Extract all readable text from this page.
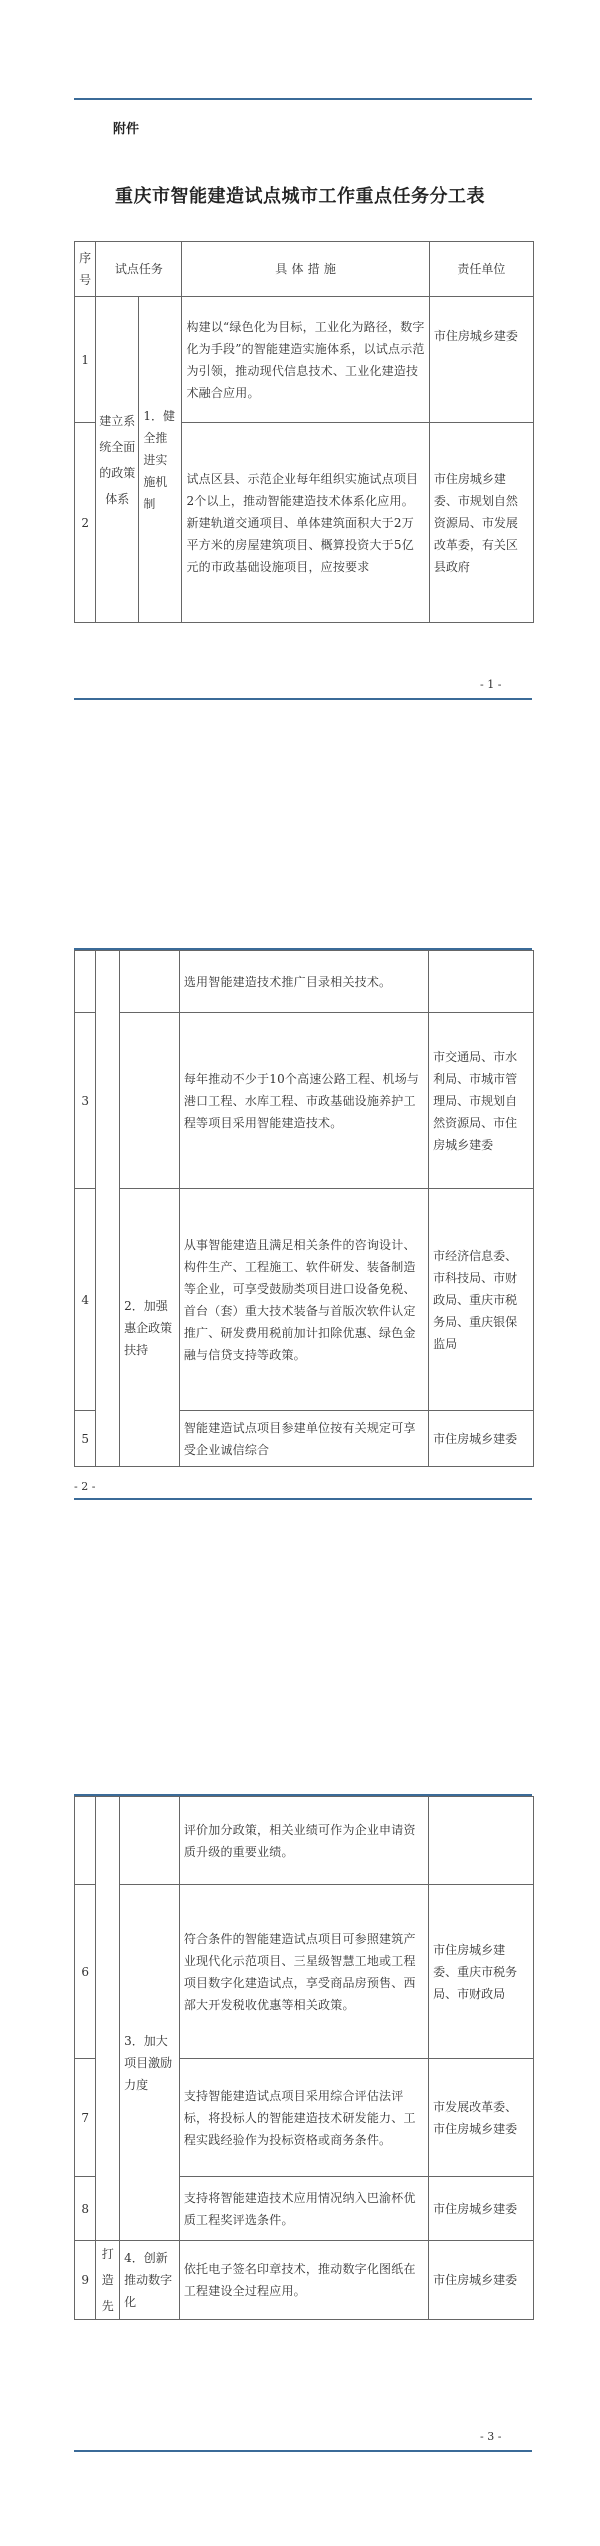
附件
重庆市智能建造试点城市工作重点任务分工表
序号	试点任务		具 体 措 施	责任单位
1	建立系统全面的政策体系	1．健全推进实施机制	构建以“绿色化为目标，工业化为路径，数字化为手段”的智能建造实施体系，以试点示范为引领，推动现代信息技术、工业化建造技术融合应用。	市住房城乡建委
2			试点区县、示范企业每年组织实施试点项目2个以上，推动智能建造技术体系化应用。新建轨道交通项目、单体建筑面积大于2万平方米的房屋建筑项目、概算投资大于5亿元的市政基础设施项目，应按要求	市住房城乡建委、市规划自然资源局、市发展改革委，有关区县政府
- 1 -
			选用智能建造技术推广目录相关技术。	
3			每年推动不少于10个高速公路工程、机场与港口工程、水库工程、市政基础设施养护工程等项目采用智能建造技术。	市交通局、市水利局、市城市管理局、市规划自然资源局、市住房城乡建委
4		2．加强惠企政策扶持	从事智能建造且满足相关条件的咨询设计、构件生产、工程施工、软件研发、装备制造等企业，可享受鼓励类项目进口设备免税、首台（套）重大技术装备与首版次软件认定推广、研发费用税前加计扣除优惠、绿色金融与信贷支持等政策。	市经济信息委、市科技局、市财政局、重庆市税务局、重庆银保监局
5			智能建造试点项目参建单位按有关规定可享受企业诚信综合	市住房城乡建委
- 2 -
			评价加分政策，相关业绩可作为企业申请资质升级的重要业绩。	
6		3．加大项目激励力度	符合条件的智能建造试点项目可参照建筑产业现代化示范项目、三星级智慧工地或工程项目数字化建造试点，享受商品房预售、西部大开发税收优惠等相关政策。	市住房城乡建委、重庆市税务局、市财政局
7			支持智能建造试点项目采用综合评估法评标，将投标人的智能建造技术研发能力、工程实践经验作为投标资格或商务条件。	市发展改革委、市住房城乡建委
8			支持将智能建造技术应用情况纳入巴渝杯优质工程奖评选条件。	市住房城乡建委
9	打造先	4．创新推动数字化	依托电子签名印章技术，推动数字化图纸在工程建设全过程应用。	市住房城乡建委
- 3 -
